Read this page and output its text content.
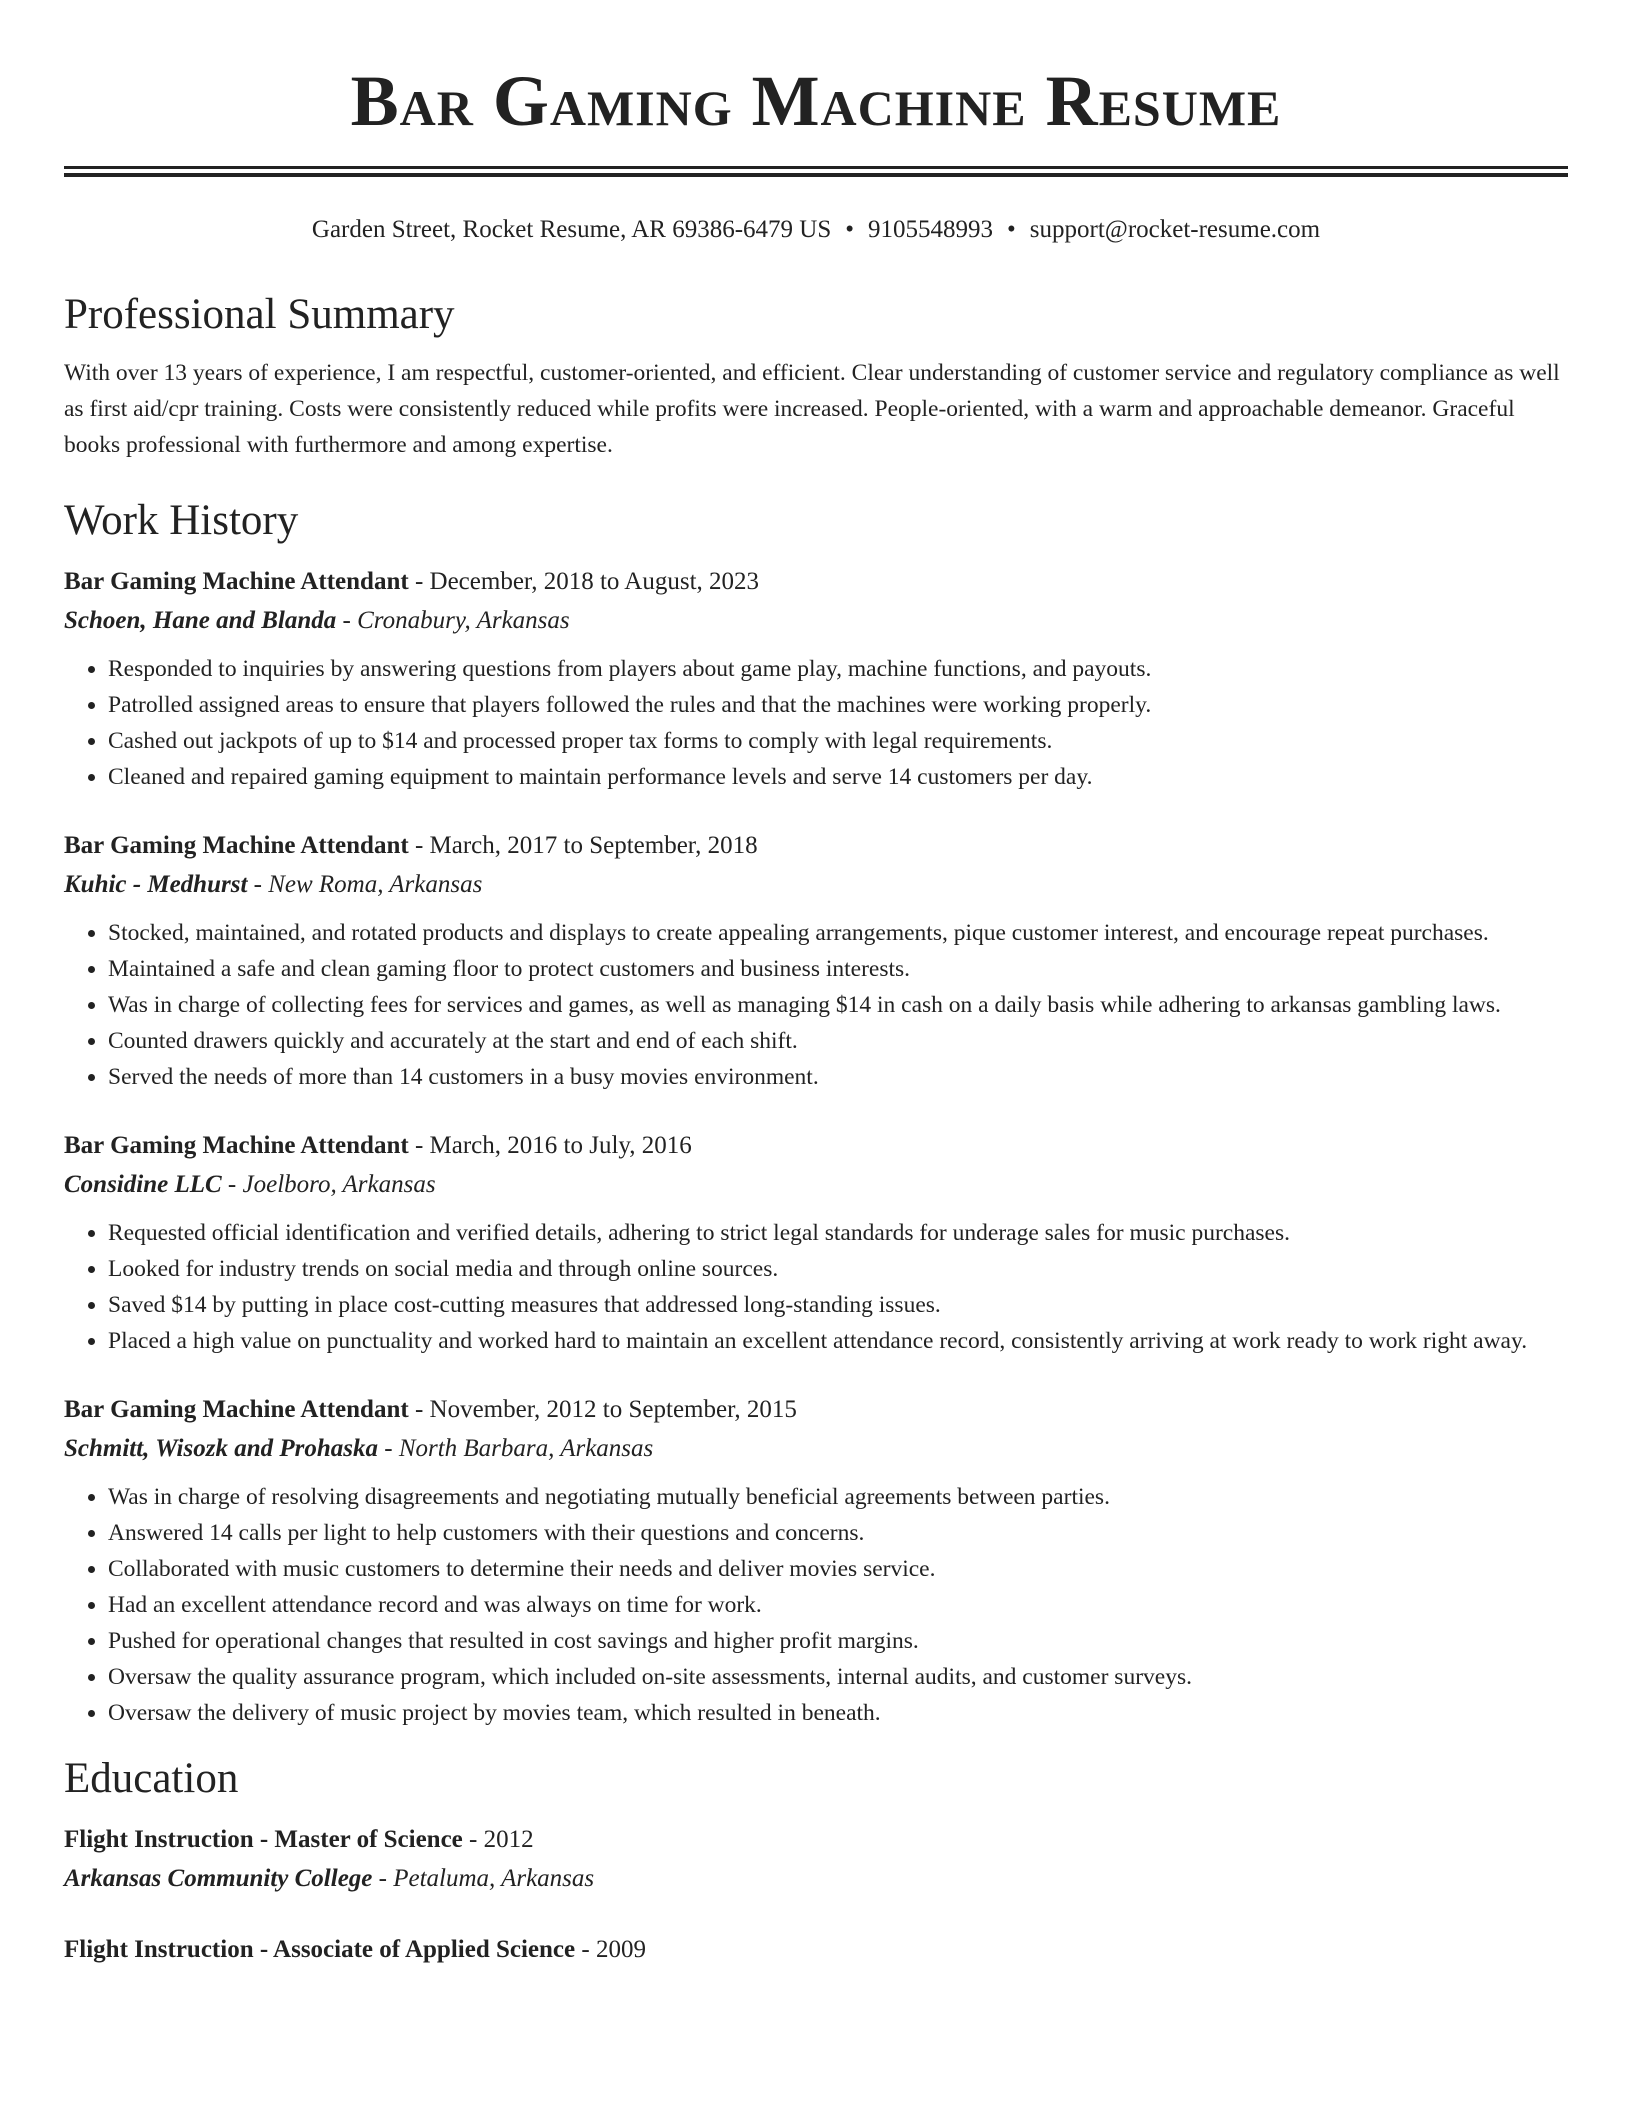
Bar Gaming Machine Resume
Garden Street, Rocket Resume, AR 69386-6479 US • 9105548993 • support@rocket-resume.com
Professional Summary

With over 13 years of experience, I am respectful, customer-oriented, and efficient. Clear understanding of customer service and regulatory compliance as well as first aid/cpr training. Costs were consistently reduced while profits were increased. People-oriented, with a warm and approachable demeanor. Graceful books professional with furthermore and among expertise.

Work History
Bar Gaming Machine Attendant - December, 2018 to August, 2023
Schoen, Hane and Blanda - Cronabury, Arkansas
• Responded to inquiries by answering questions from players about game play, machine functions, and payouts.
• Patrolled assigned areas to ensure that players followed the rules and that the machines were working properly.
• Cashed out jackpots of up to $14 and processed proper tax forms to comply with legal requirements.
• Cleaned and repaired gaming equipment to maintain performance levels and serve 14 customers per day.
Bar Gaming Machine Attendant - March, 2017 to September, 2018
Kuhic - Medhurst - New Roma, Arkansas
• Stocked, maintained, and rotated products and displays to create appealing arrangements, pique customer interest, and encourage repeat purchases.
• Maintained a safe and clean gaming floor to protect customers and business interests.
• Was in charge of collecting fees for services and games, as well as managing $14 in cash on a daily basis while adhering to arkansas gambling laws.
• Counted drawers quickly and accurately at the start and end of each shift.
• Served the needs of more than 14 customers in a busy movies environment.
Bar Gaming Machine Attendant - March, 2016 to July, 2016
Considine LLC - Joelboro, Arkansas
• Requested official identification and verified details, adhering to strict legal standards for underage sales for music purchases.
• Looked for industry trends on social media and through online sources.
• Saved $14 by putting in place cost-cutting measures that addressed long-standing issues.
• Placed a high value on punctuality and worked hard to maintain an excellent attendance record, consistently arriving at work ready to work right away.
Bar Gaming Machine Attendant - November, 2012 to September, 2015
Schmitt, Wisozk and Prohaska - North Barbara, Arkansas
• Was in charge of resolving disagreements and negotiating mutually beneficial agreements between parties.
• Answered 14 calls per light to help customers with their questions and concerns.
• Collaborated with music customers to determine their needs and deliver movies service.
• Had an excellent attendance record and was always on time for work.
• Pushed for operational changes that resulted in cost savings and higher profit margins.
• Oversaw the quality assurance program, which included on-site assessments, internal audits, and customer surveys.
• Oversaw the delivery of music project by movies team, which resulted in beneath.
Education
Flight Instruction - Master of Science - 2012
Arkansas Community College - Petaluma, Arkansas
Flight Instruction - Associate of Applied Science - 2009
